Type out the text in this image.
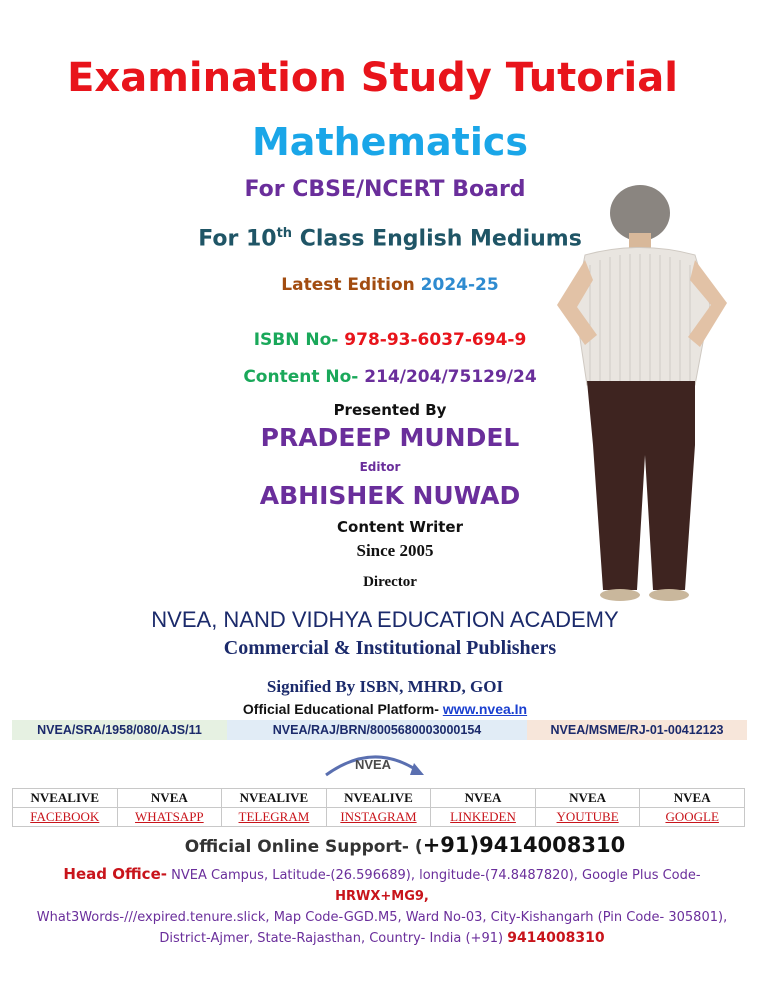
Examination Study Tutorial
Mathematics
For CBSE/NCERT Board
For 10th Class English Mediums
Latest Edition 2024-25
ISBN No- 978-93-6037-694-9
Content No- 214/204/75129/24
Presented By
PRADEEP MUNDEL
Editor
ABHISHEK NUWAD
Content Writer
Since 2005
Director
NVEA, NAND VIDHYA EDUCATION ACADEMY
Commercial & Institutional Publishers
Signified By ISBN, MHRD, GOI
Official Educational Platform- www.nvea.In
NVEA/SRA/1958/080/AJS/11	NVEA/RAJ/BRN/8005680003000154	NVEA/MSME/RJ-01-00412123
NVEA
NVEALIVE	NVEA	NVEALIVE	NVEALIVE	NVEA	NVEA	NVEA
FACEBOOK	WHATSAPP	TELEGRAM	INSTAGRAM	LINKEDEN	YOUTUBE	GOOGLE
Official Online Support- (+91)9414008310
Head Office- NVEA Campus, Latitude-(26.596689), longitude-(74.8487820), Google Plus Code- HRWX+MG9,
What3Words-///expired.tenure.slick, Map Code-GGD.M5, Ward No-03, City-Kishangarh (Pin Code- 305801),
District-Ajmer, State-Rajasthan, Country- India (+91) 9414008310
